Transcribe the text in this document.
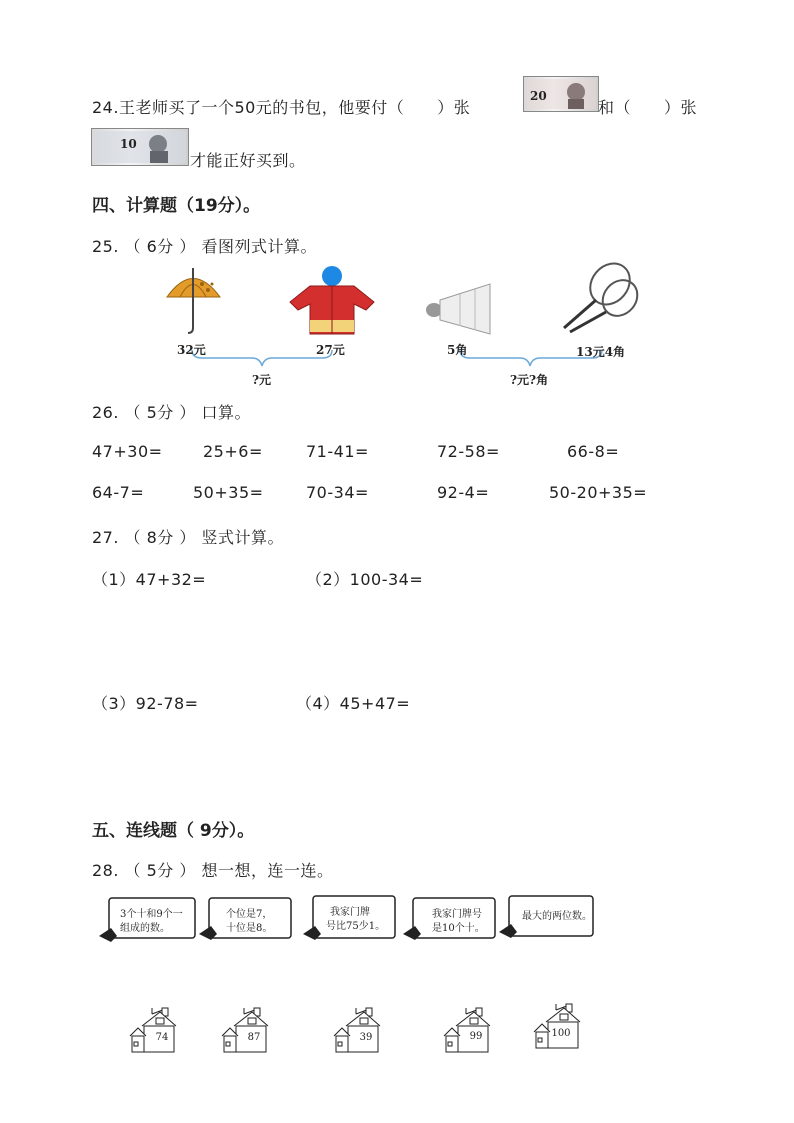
24.王老师买了一个50元的书包，他要付（　　）张
20
和（　　）张
10
才能正好买到。
四、计算题（19分）。
25. （ 6分 ） 看图列式计算。
32元	27元
?元
5角	13元4角
?元?角
26. （ 5分 ） 口算。
47+30=	25+6=	71-41=	72-58=	66-8=
64-7=	50+35=	70-34=	92-4=	50-20+35=
27. （ 8分 ） 竖式计算。
（1）47+32=	（2）100-34=
（3）92-78=	（4）45+47=
五、连线题（ 9分）。
28. （ 5分 ） 想一想，连一连。
3个十和9个一
组成的数。
个位是7，
十位是8。
我家门牌
号比75少1。
我家门牌号
是10个十。
最大的两位数。
74	87	39	99	100
